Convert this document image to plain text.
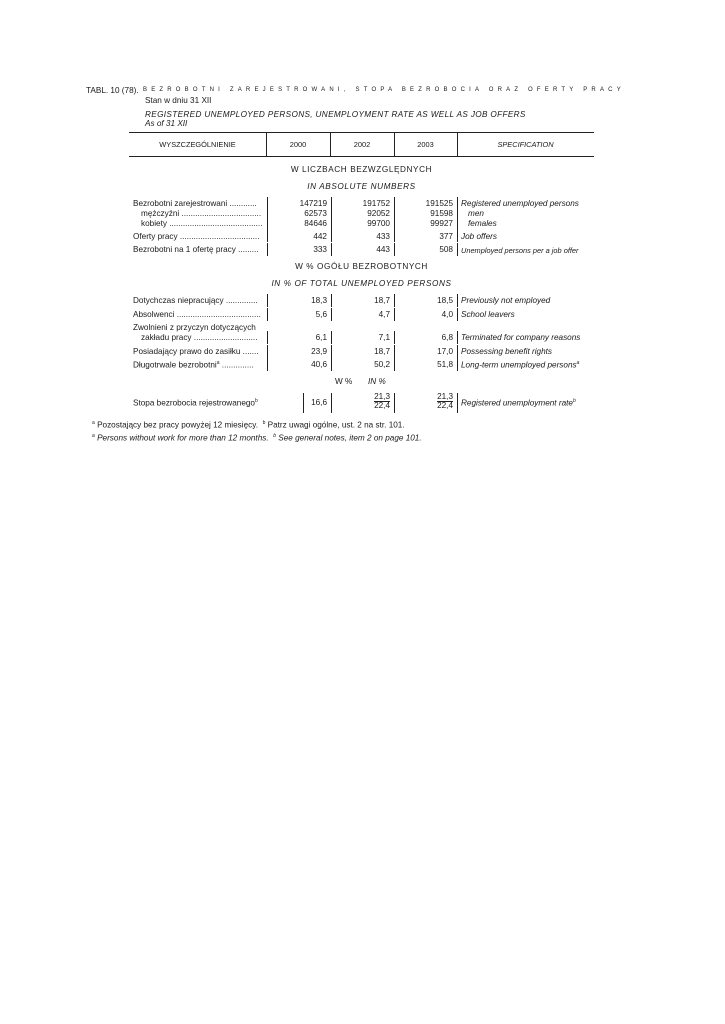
TABL. 10 (78). BEZROBOTNI ZAREJESTROWANI, STOPA BEZROBOCIA ORAZ OFERTY PRACY
Stan w dniu 31 XII
REGISTERED UNEMPLOYED PERSONS, UNEMPLOYMENT RATE AS WELL AS JOB OFFERS
As of 31 XII
WYSZCZEGÓLNIENIE	2000	2002	2003	SPECIFICATION
W LICZBACH BEZWZGLĘDNYCH
IN ABSOLUTE NUMBERS
Bezrobotni zarejestrowani ............	147219	191752	191525 Registered unemployed persons
mężczyźni ...................................	62573	92052	91598 men
kobiety .........................................	84646	99700	99927 females
Oferty pracy ...................................	442	433	377 Job offers
Bezrobotni na 1 ofertę pracy .........	333	443	508 Unemployed persons per a job offer
W % OGÓŁU BEZROBOTNYCH
IN % OF TOTAL UNEMPLOYED PERSONS
Dotychczas niepracujący ..............	18,3	18,7	18,5 Previously not employed
Absolwenci .....................................	5,6	4,7	4,0 School leavers
Zwolnieni z przyczyn dotyczących
zakładu pracy ............................	6,1	7,1	6,8 Terminated for company reasons
Posiadający prawo do zasiłku .......	23,9	18,7	17,0 Possessing benefit rights
Długotrwale bezrobotni$^a$ ..............	40,6	50,2	51,8 Long-term unemployed persons$^a$
W % IN %
Stopa bezrobocia rejestrowanego$^b$	16,6	$\frac{21,3}{22,4}$	$\frac{21,3}{22,4}$ Registered unemployment rate$^b$
$^a$ Pozostający bez pracy powyżej 12 miesięcy. $^b$ Patrz uwagi ogólne, ust. 2 na str. 101.
$^a$ Persons without work for more than 12 months. $^b$ See general notes, item 2 on page 101.
